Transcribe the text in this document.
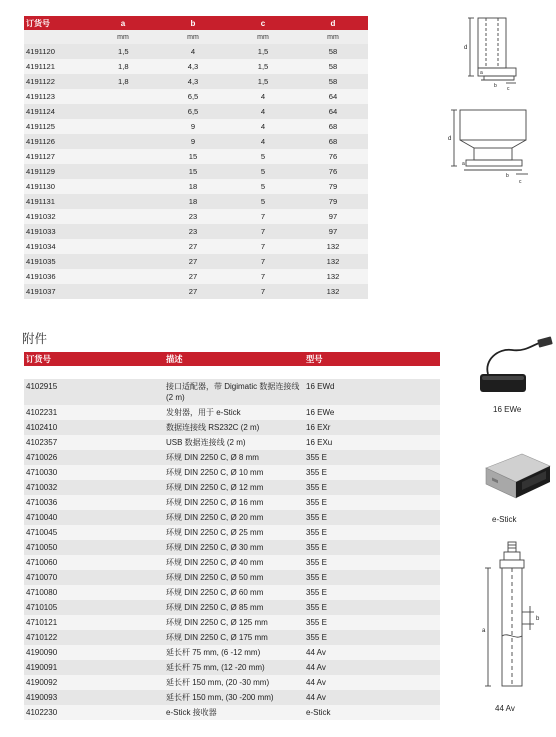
订货号	a	b	c	d
	mm	mm	mm	mm
4191120	1,5	4	1,5	58
4191121	1,8	4,3	1,5	58
4191122	1,8	4,3	1,5	58
4191123		6,5	4	64
4191124		6,5	4	64
4191125		9	4	68
4191126		9	4	68
4191127		15	5	76
4191129		15	5	76
4191130		18	5	79
4191131		18	5	79
4191032		23	7	97
4191033		23	7	97
4191034		27	7	132
4191035		27	7	132
4191036		27	7	132
4191037		27	7	132
d
a
b c
d
a
b
c
附件
订货号	描述	型号

4102915	接口适配器，带 Digimatic 数据连接线 (2 m)	16 EWd
4102231	发射器，用于 e-Stick	16 EWe
4102410	数据连接线 RS232C (2 m)	16 EXr
4102357	USB 数据连接线 (2 m)	16 EXu
4710026	环规 DIN 2250 C, Ø 8 mm	355 E
4710030	环规 DIN 2250 C, Ø 10 mm	355 E
4710032	环规 DIN 2250 C, Ø 12 mm	355 E
4710036	环规 DIN 2250 C, Ø 16 mm	355 E
4710040	环规 DIN 2250 C, Ø 20 mm	355 E
4710045	环规 DIN 2250 C, Ø 25 mm	355 E
4710050	环规 DIN 2250 C, Ø 30 mm	355 E
4710060	环规 DIN 2250 C, Ø 40 mm	355 E
4710070	环规 DIN 2250 C, Ø 50 mm	355 E
4710080	环规 DIN 2250 C, Ø 60 mm	355 E
4710105	环规 DIN 2250 C, Ø 85 mm	355 E
4710121	环规 DIN 2250 C, Ø 125 mm	355 E
4710122	环规 DIN 2250 C, Ø 175 mm	355 E
4190090	延长杆 75 mm, (6 -12 mm)	44 Av
4190091	延长杆 75 mm, (12 -20 mm)	44 Av
4190092	延长杆 150 mm, (20 -30 mm)	44 Av
4190093	延长杆 150 mm, (30 -200 mm)	44 Av
4102230	e-Stick 接收器	e-Stick
16 EWe
e-Stick
b
a
44 Av
